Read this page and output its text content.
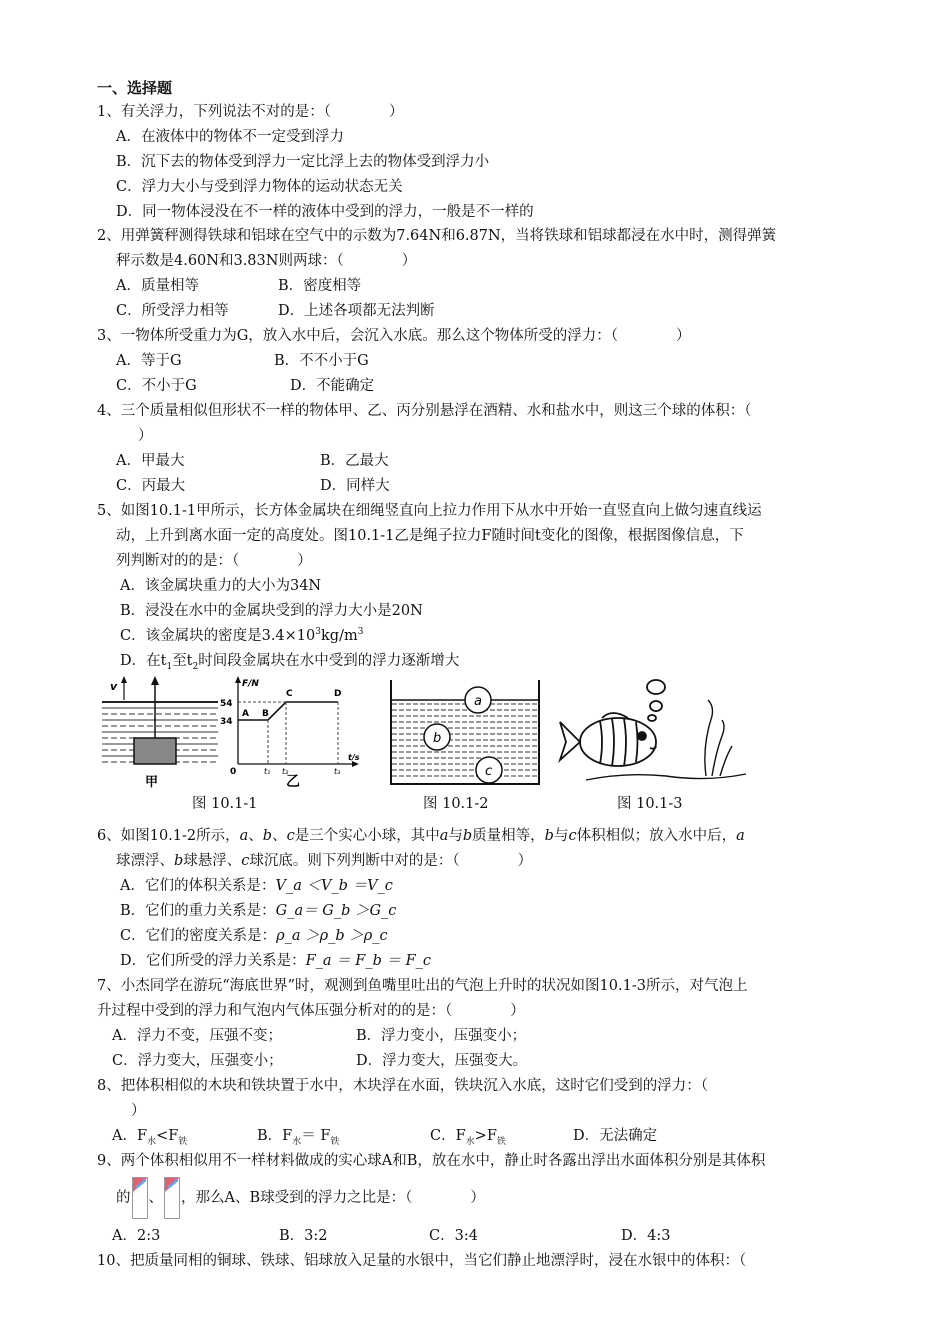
一、选择题
1、有关浮力，下列说法不对的是：（　　　　）
A．在液体中的物体不一定受到浮力
B．沉下去的物体受到浮力一定比浮上去的物体受到浮力小
C．浮力大小与受到浮力物体的运动状态无关
D．同一物体浸没在不一样的液体中受到的浮力，一般是不一样的
2、用弹簧秤测得铁球和铝球在空气中的示数为7.64N和6.87N，当将铁球和铝球都浸在水中时，测得弹簧
秤示数是4.60N和3.83N则两球：（　　　　）
A．质量相等	B．密度相等
C．所受浮力相等	D．上述各项都无法判断
3、一物体所受重力为G，放入水中后，会沉入水底。那么这个物体所受的浮力：（　　　　）
A．等于G	B．不不小于G
C．不小于G	D．不能确定
4、三个质量相似但形状不一样的物体甲、乙、丙分别悬浮在酒精、水和盐水中，则这三个球的体积：（
）
A．甲最大	B．乙最大
C．丙最大	D．同样大
5、如图10.1-1甲所示，长方体金属块在细绳竖直向上拉力作用下从水中开始一直竖直向上做匀速直线运
动，上升到离水面一定的高度处。图10.1-1乙是绳子拉力F随时间t变化的图像，根据图像信息，下
列判断对的的是：（　　　　）
A．该金属块重力的大小为34N
B．浸没在水中的金属块受到的浮力大小是20N
C．该金属块的密度是$3.4\times 10^3kg/m^3$
D．在$t_1$至$t_2$时间段金属块在水中受到的浮力逐渐增大
v
甲
F/N
t/s
54
34
0
A B
C	D
t₁ t₂	t₃
乙
a
b
c
图 10.1-1	图 10.1-2	图 10.1-3
6、如图10.1-2所示，a、b、c是三个实心小球，其中a与b质量相等，b与c体积相似；放入水中后，a
球漂浮、b球悬浮、c球沉底。则下列判断中对的是：（　　　　）
A．它们的体积关系是：V_a ＜V_b ＝V_c
B．它们的重力关系是：G_a＝ G_b ＞G_c
C．它们的密度关系是：ρ_a ＞ρ_b ＞ρ_c
D．它们所受的浮力关系是：F_a ＝ F_b ＝ F_c
7、小杰同学在游玩“海底世界”时，观测到鱼嘴里吐出的气泡上升时的状况如图10.1-3所示，对气泡上
升过程中受到的浮力和气泡内气体压强分析对的的是：（　　　　）
A．浮力不变，压强不变；	B．浮力变小，压强变小；
C．浮力变大，压强变小；	D．浮力变大，压强变大。
8、把体积相似的木块和铁块置于水中，木块浮在水面，铁块沉入水底，这时它们受到的浮力：（
）
A．$F_水<F_铁$	B．$F_水= F_铁$	C．$F_水>F_铁$	D．无法确定
9、两个体积相似用不一样材料做成的实心球A和B，放在水中，静止时各露出浮出水面体积分别是其体积
的 、 ，那么A、B球受到的浮力之比是：（　　　　）
A．2:3	B．3:2	C．3:4	D．4:3
10、把质量同相的铜球、铁球、铝球放入足量的水银中，当它们静止地漂浮时，浸在水银中的体积：（
